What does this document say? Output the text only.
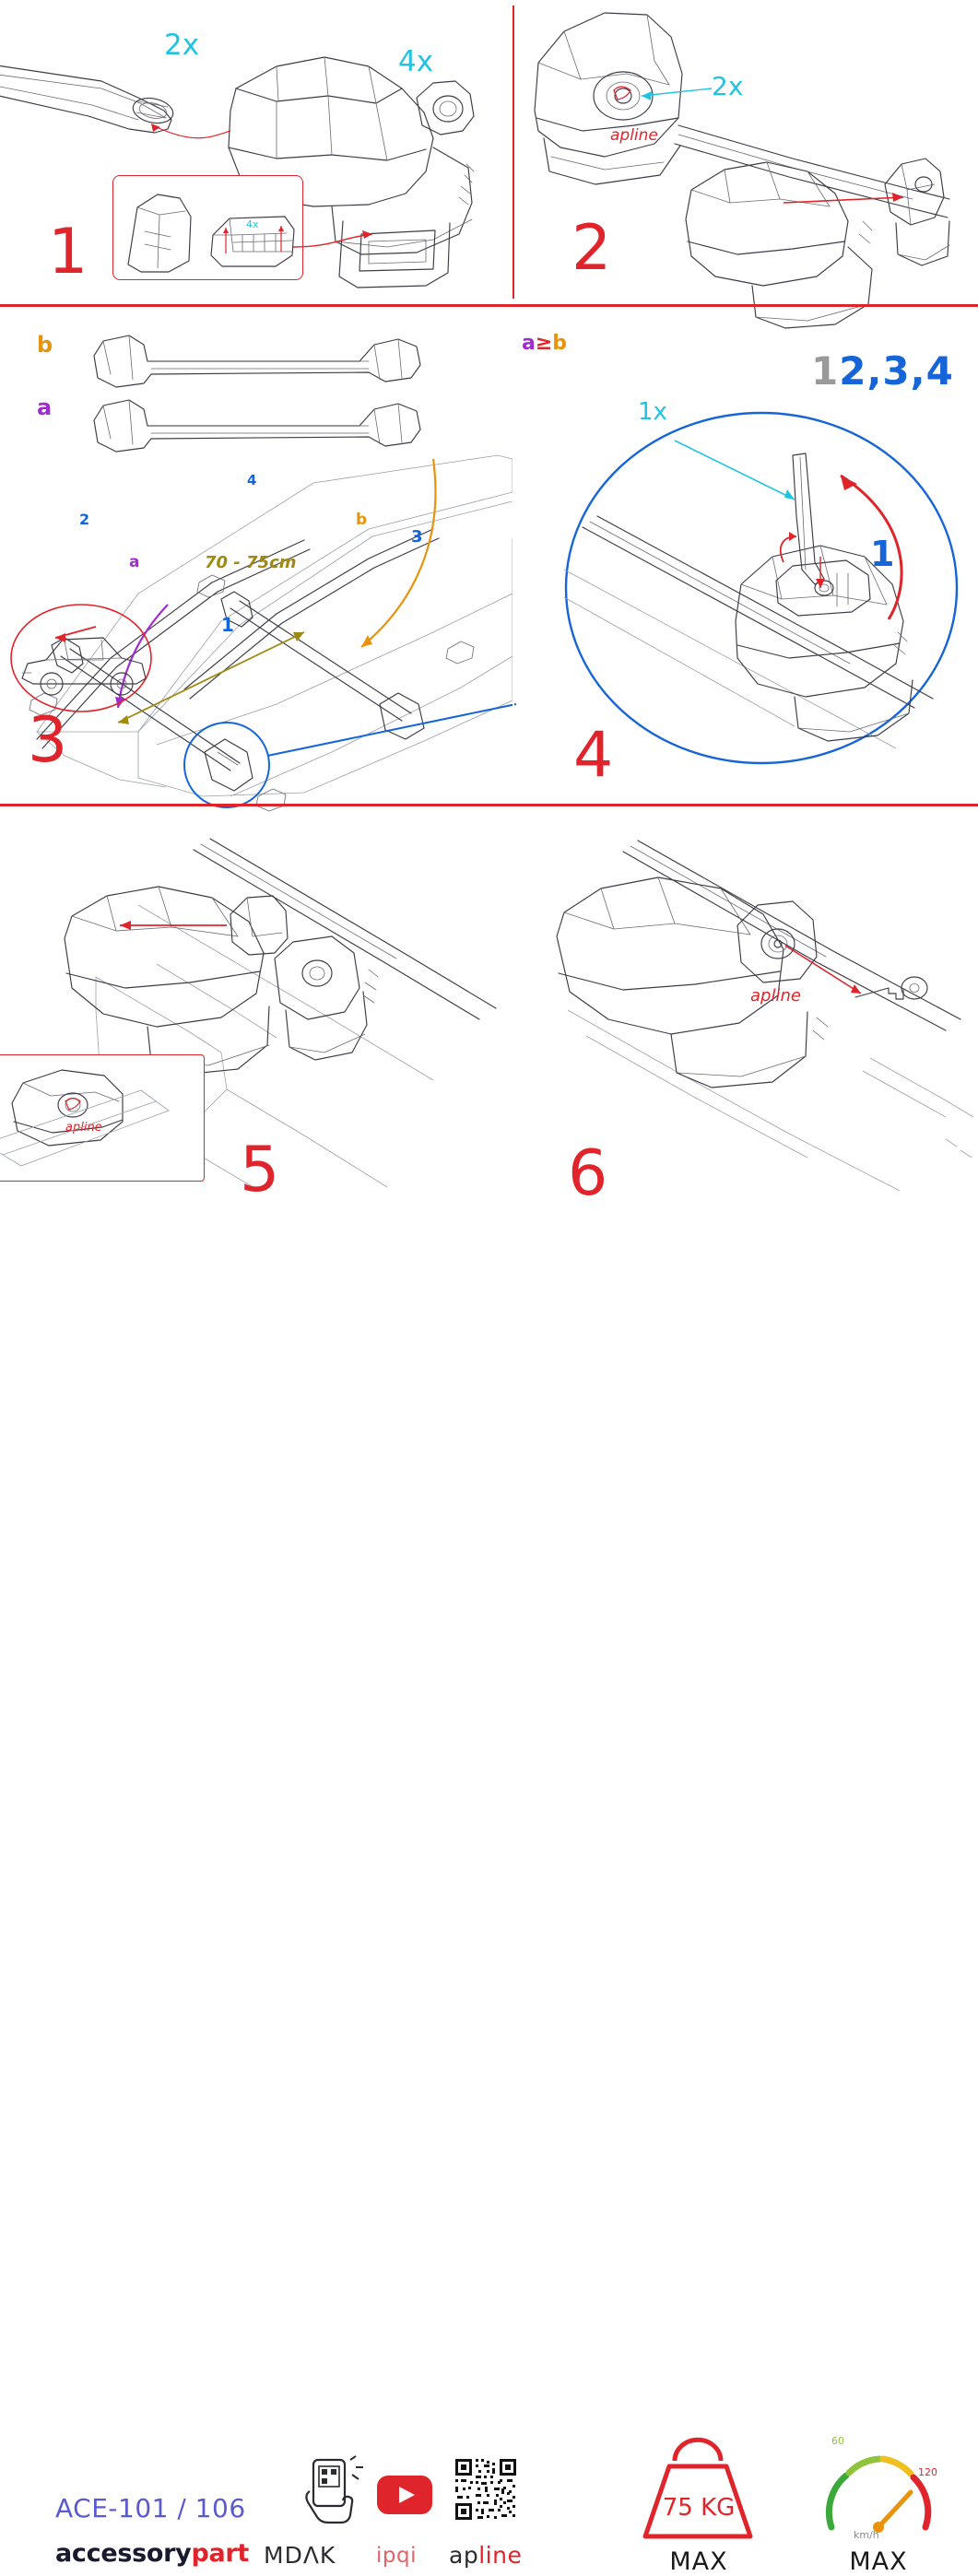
4x
2x	4x
1
apline
2x
2
b
a
70 - 75cm
a
b
1
2
3
4
3
a≥b
12,3,4
1x
1
4
apline
5
apline
6
ACE-101 / 106
accessorypart MDΛK ipqi apline
75 KG
MAX
60
120
km/h
MAX
